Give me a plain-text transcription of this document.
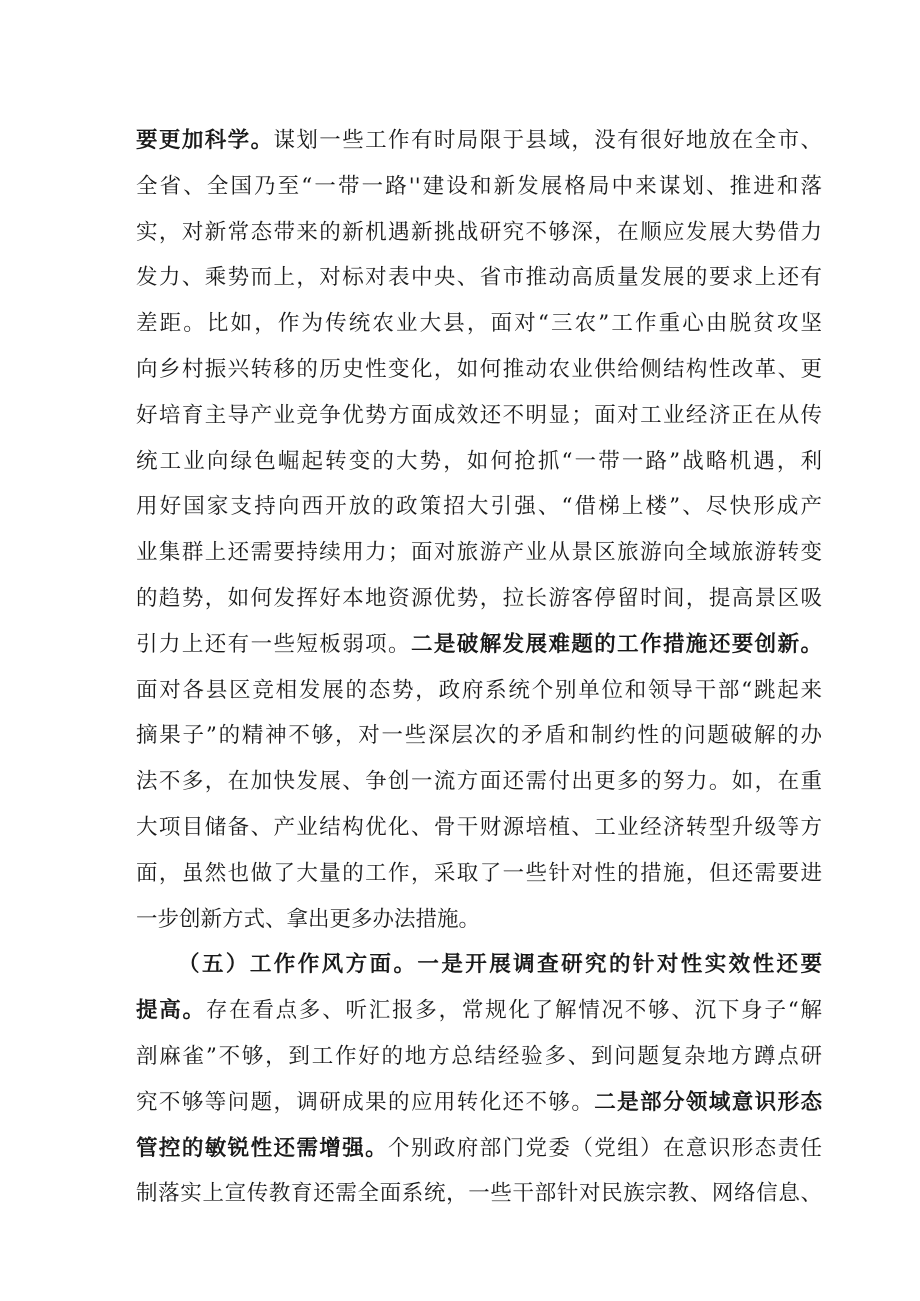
要更加科学。谋划一些工作有时局限于县域，没有很好地放在全市、
全省、全国乃至“一带一路''建设和新发展格局中来谋划、推进和落
实，对新常态带来的新机遇新挑战研究不够深，在顺应发展大势借力
发力、乘势而上，对标对表中央、省市推动高质量发展的要求上还有
差距。比如，作为传统农业大县，面对“三农”工作重心由脱贫攻坚
向乡村振兴转移的历史性变化，如何推动农业供给侧结构性改革、更
好培育主导产业竞争优势方面成效还不明显；面对工业经济正在从传
统工业向绿色崛起转变的大势，如何抢抓“一带一路”战略机遇，利
用好国家支持向西开放的政策招大引强、“借梯上楼”、尽快形成产
业集群上还需要持续用力；面对旅游产业从景区旅游向全域旅游转变
的趋势，如何发挥好本地资源优势，拉长游客停留时间，提高景区吸
引力上还有一些短板弱项。二是破解发展难题的工作措施还要创新。
面对各县区竞相发展的态势，政府系统个别单位和领导干部“跳起来
摘果子”的精神不够，对一些深层次的矛盾和制约性的问题破解的办
法不多，在加快发展、争创一流方面还需付出更多的努力。如，在重
大项目储备、产业结构优化、骨干财源培植、工业经济转型升级等方
面，虽然也做了大量的工作，采取了一些针对性的措施，但还需要进
一步创新方式、拿出更多办法措施。
（五）工作作风方面。一是开展调查研究的针对性实效性还要
提高。存在看点多、听汇报多，常规化了解情况不够、沉下身子“解
剖麻雀”不够，到工作好的地方总结经验多、到问题复杂地方蹲点研
究不够等问题，调研成果的应用转化还不够。二是部分领域意识形态
管控的敏锐性还需增强。个别政府部门党委（党组）在意识形态责任
制落实上宣传教育还需全面系统，一些干部针对民族宗教、网络信息、
